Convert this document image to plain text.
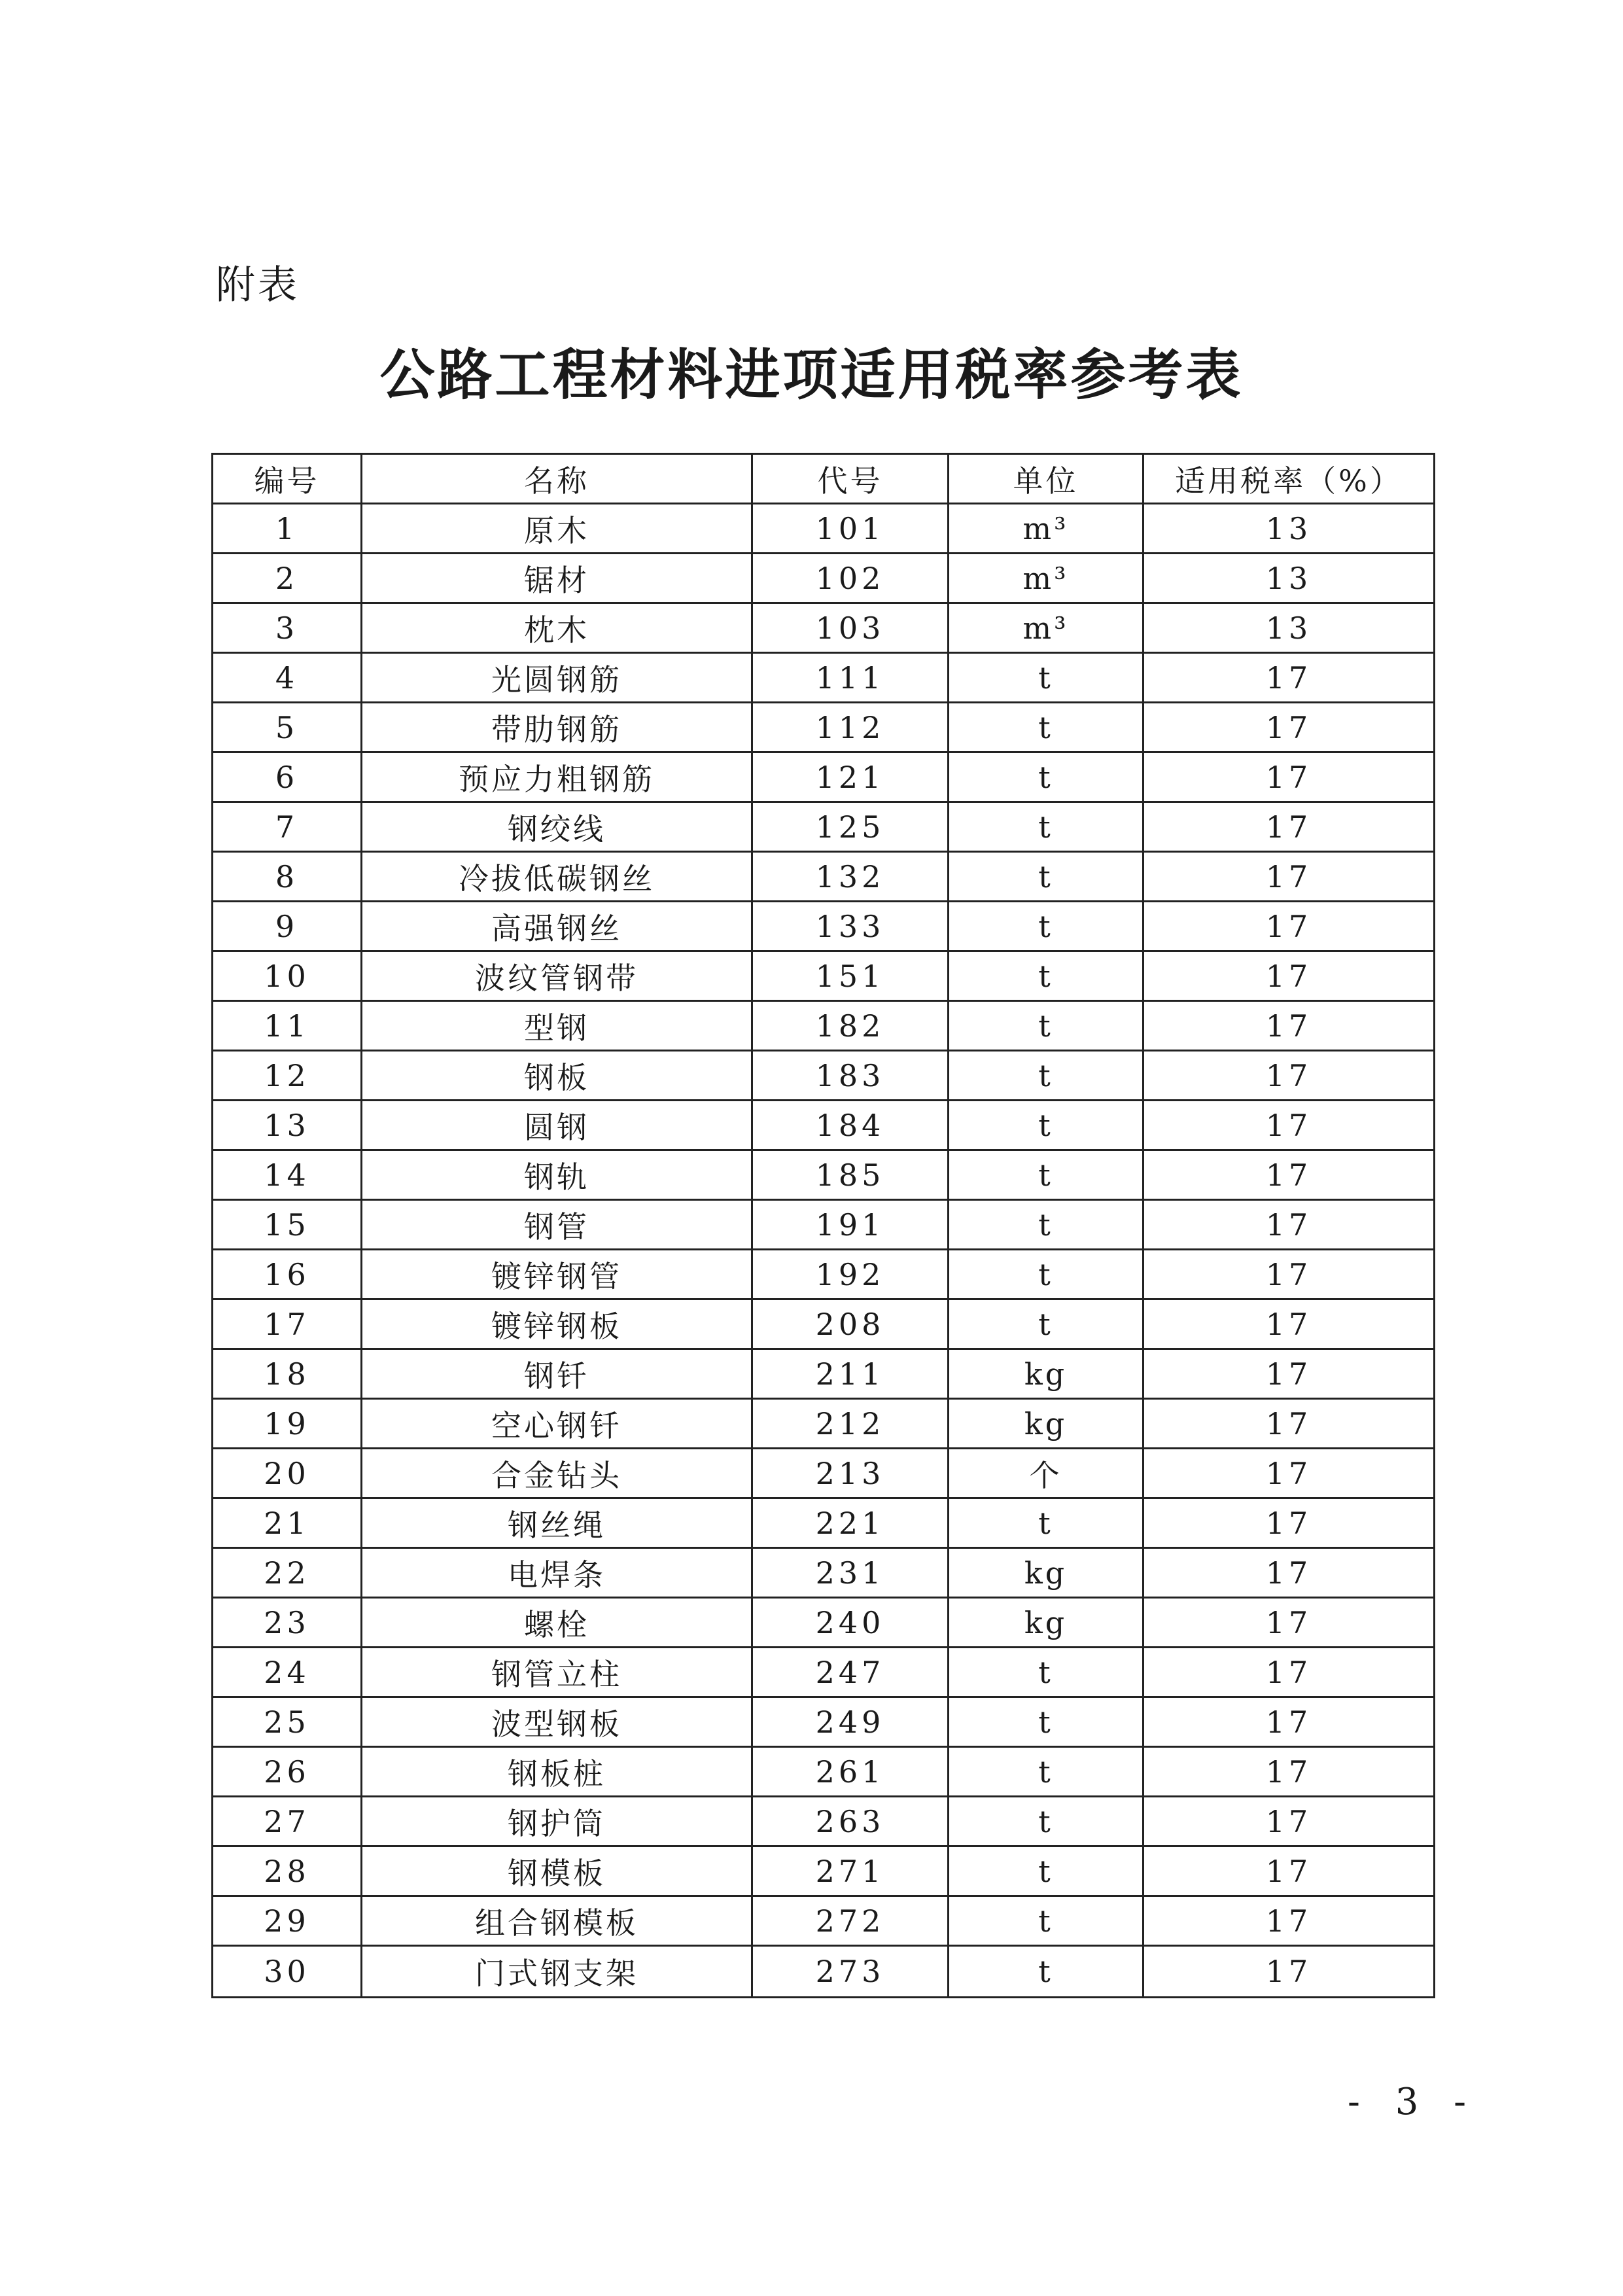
附表
公路工程材料进项适用税率参考表
编号	名称	代号	单位	适用税率（%）
1	原木	101	m³	13
2	锯材	102	m³	13
3	枕木	103	m³	13
4	光圆钢筋	111	t	17
5	带肋钢筋	112	t	17
6	预应力粗钢筋	121	t	17
7	钢绞线	125	t	17
8	冷拔低碳钢丝	132	t	17
9	高强钢丝	133	t	17
10	波纹管钢带	151	t	17
11	型钢	182	t	17
12	钢板	183	t	17
13	圆钢	184	t	17
14	钢轨	185	t	17
15	钢管	191	t	17
16	镀锌钢管	192	t	17
17	镀锌钢板	208	t	17
18	钢钎	211	kg	17
19	空心钢钎	212	kg	17
20	合金钻头	213	个	17
21	钢丝绳	221	t	17
22	电焊条	231	kg	17
23	螺栓	240	kg	17
24	钢管立柱	247	t	17
25	波型钢板	249	t	17
26	钢板桩	261	t	17
27	钢护筒	263	t	17
28	钢模板	271	t	17
29	组合钢模板	272	t	17
30	门式钢支架	273	t	17
- 3 -
